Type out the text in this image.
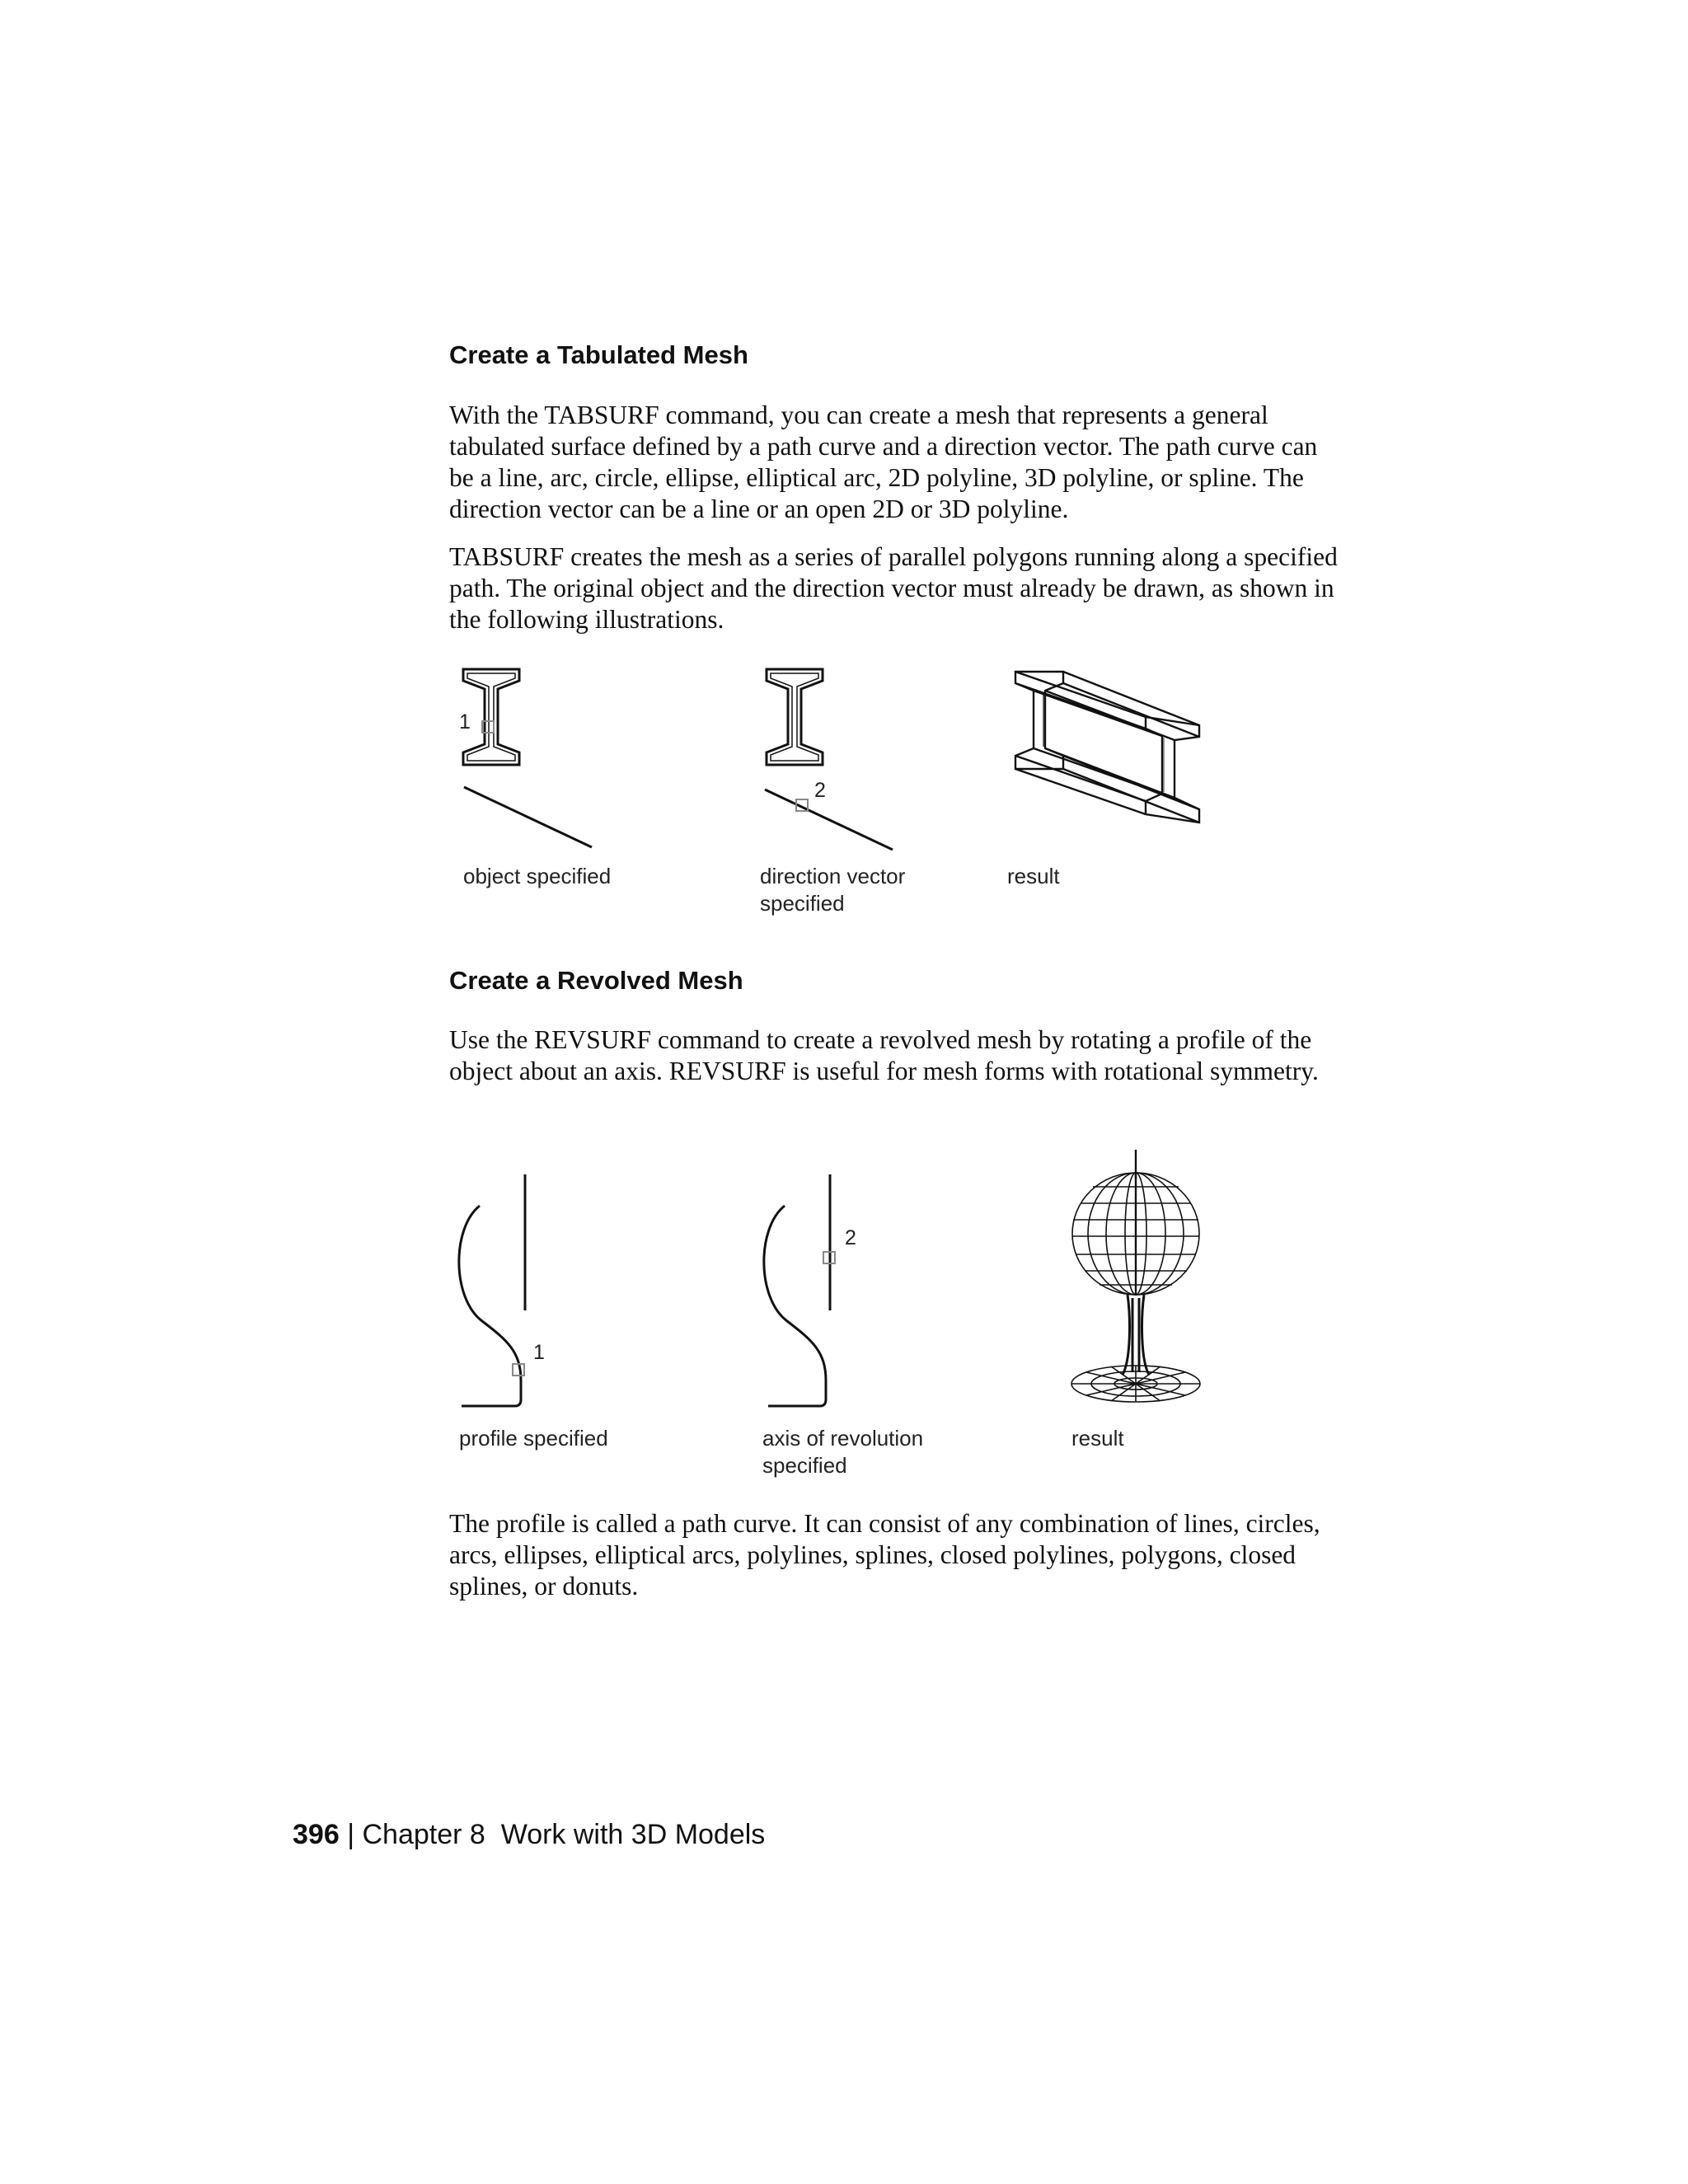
Create a Tabulated Mesh

With the TABSURF command, you can create a mesh that represents a general tabulated surface defined by a path curve and a direction vector. The path curve can be a line, arc, circle, ellipse, elliptical arc, 2D polyline, 3D polyline, or spline. The direction vector can be a line or an open 2D or 3D polyline.

TABSURF creates the mesh as a series of parallel polygons running along a specified path. The original object and the direction vector must already be drawn, as shown in the following illustrations.

1
2
object specified	direction vector
specified
result
Create a Revolved Mesh

Use the REVSURF command to create a revolved mesh by rotating a profile of the object about an axis. REVSURF is useful for mesh forms with rotational symmetry.

1
2
profile specified	axis of revolution
specified
result

The profile is called a path curve. It can consist of any combination of lines, circles, arcs, ellipses, elliptical arcs, polylines, splines, closed polylines, polygons, closed splines, or donuts.

396 | Chapter 8 Work with 3D Models
